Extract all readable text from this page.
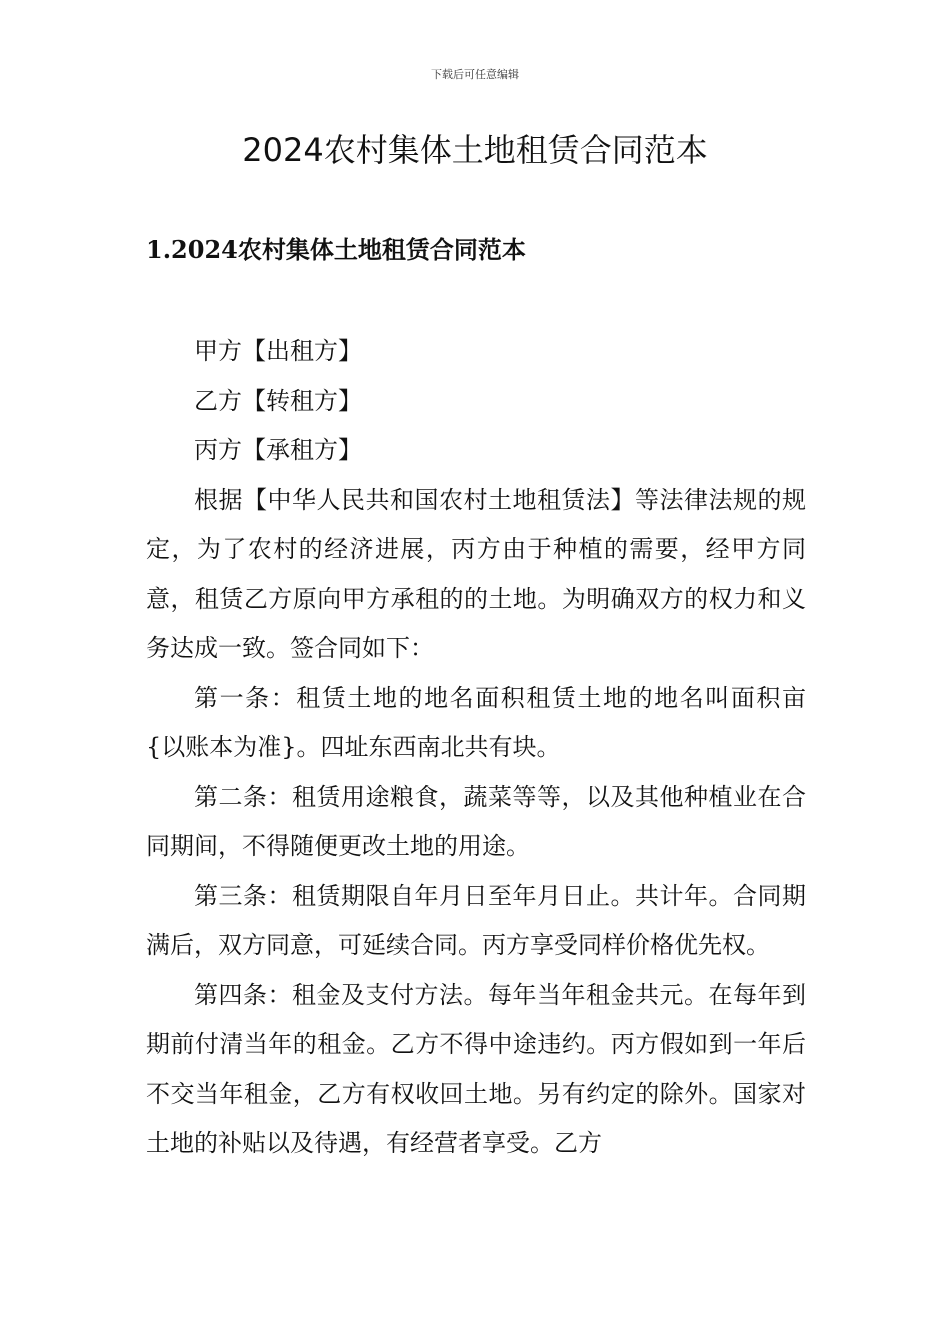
下载后可任意编辑
2024农村集体土地租赁合同范本
1.2024农村集体土地租赁合同范本

甲方【出租方】

乙方【转租方】

丙方【承租方】

根据【中华人民共和国农村土地租赁法】等法律法规的规定，为了农村的经济进展，丙方由于种植的需要，经甲方同意，租赁乙方原向甲方承租的的土地。为明确双方的权力和义务达成一致。签合同如下：

第一条：租赁土地的地名面积租赁土地的地名叫面积亩{以账本为准}。四址东西南北共有块。

第二条：租赁用途粮食，蔬菜等等，以及其他种植业在合同期间，不得随便更改土地的用途。

第三条：租赁期限自年月日至年月日止。共计年。合同期满后，双方同意，可延续合同。丙方享受同样价格优先权。

第四条：租金及支付方法。每年当年租金共元。在每年到期前付清当年的租金。乙方不得中途违约。丙方假如到一年后不交当年租金，乙方有权收回土地。另有约定的除外。国家对土地的补贴以及待遇，有经营者享受。乙方
